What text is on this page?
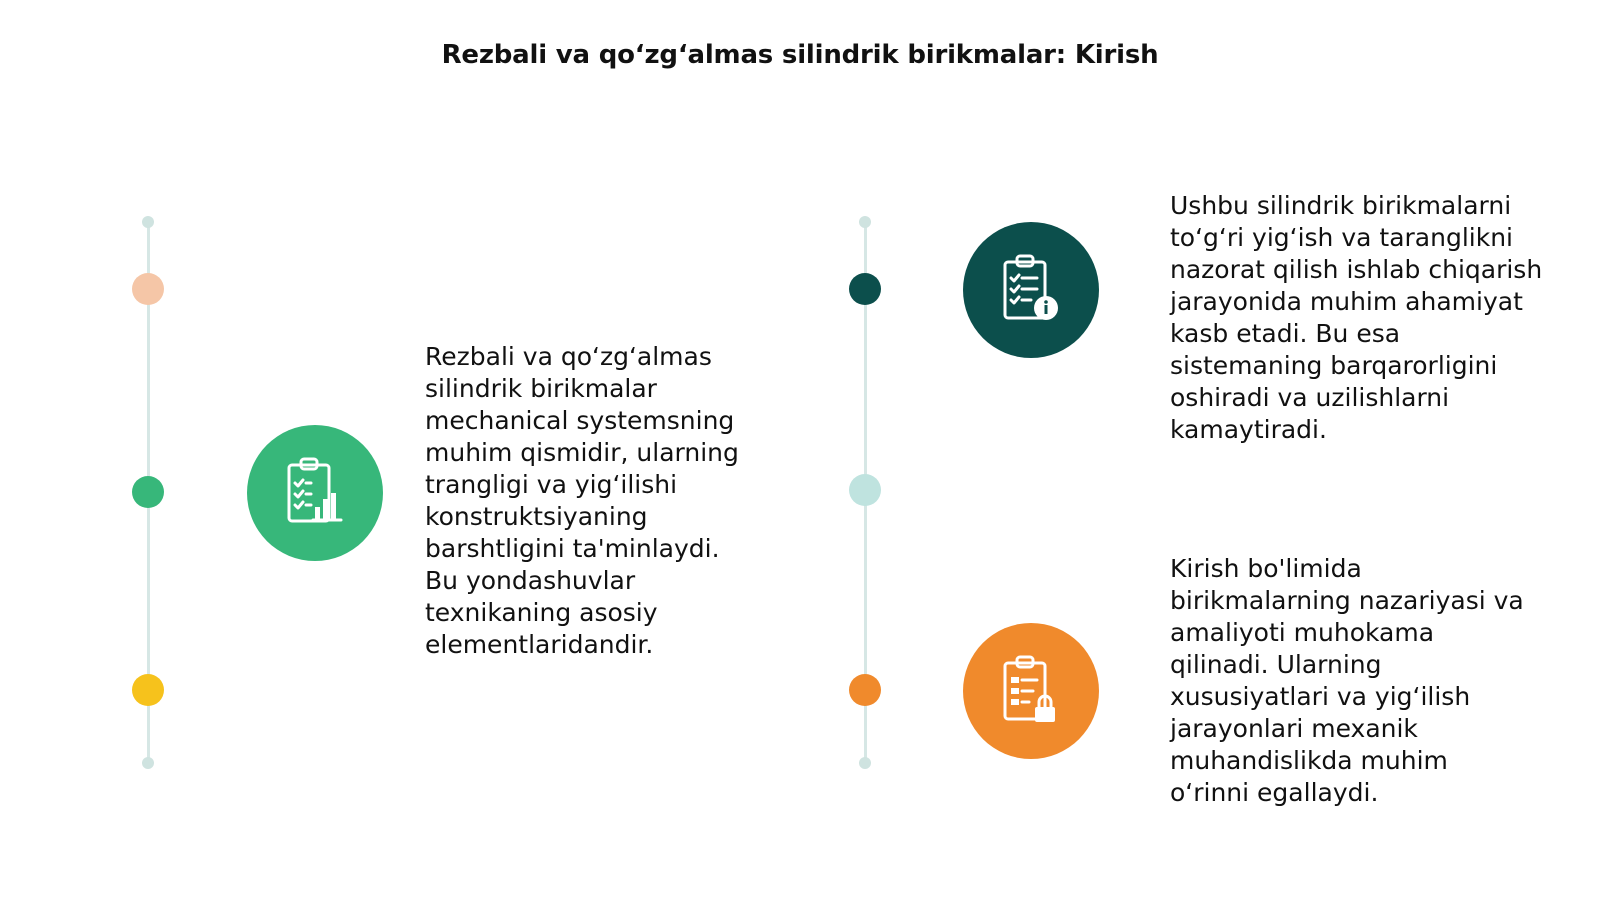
Rezbali va qo‘zg‘almas silindrik birikmalar: Kirish

Rezbali va qo‘zg‘almas silindrik birikmalar mechanical systemsning muhim qismidir, ularning trangligi va yig‘ilishi konstruktsiyaning barshtligini ta'minlaydi. Bu yondashuvlar texnikaning asosiy elementlaridandir.

Ushbu silindrik birikmalarni to‘g‘ri yig‘ish va taranglikni nazorat qilish ishlab chiqarish jarayonida muhim ahamiyat kasb etadi. Bu esa sistemaning barqarorligini oshiradi va uzilishlarni kamaytiradi.

Kirish bo'limida birikmalarning nazariyasi va amaliyoti muhokama qilinadi. Ularning xususiyatlari va yig‘ilish jarayonlari mexanik muhandislikda muhim o‘rinni egallaydi.
